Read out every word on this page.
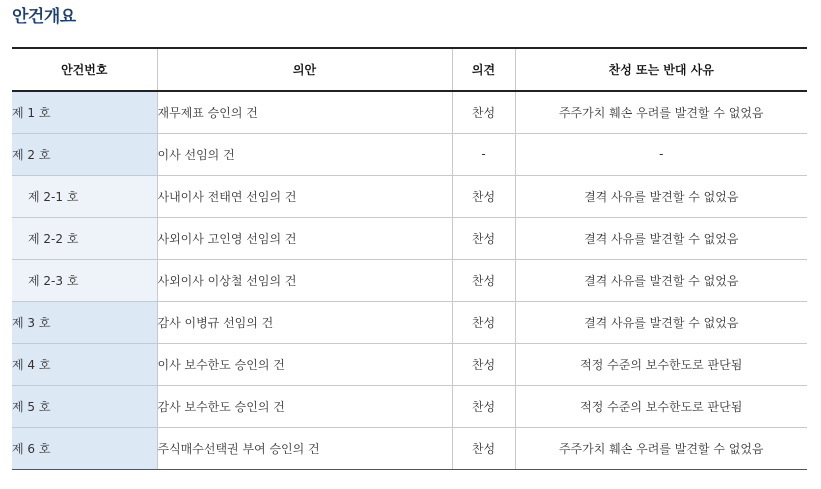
안건개요
안건번호	의안	의견	찬성 또는 반대 사유
제 1 호	재무제표 승인의 건	찬성	주주가치 훼손 우려를 발견할 수 없었음
제 2 호	이사 선임의 건	-	-
제 2-1 호	사내이사 전태연 선임의 건	찬성	결격 사유를 발견할 수 없었음
제 2-2 호	사외이사 고인영 선임의 건	찬성	결격 사유를 발견할 수 없었음
제 2-3 호	사외이사 이상철 선임의 건	찬성	결격 사유를 발견할 수 없었음
제 3 호	감사 이병규 선임의 건	찬성	결격 사유를 발견할 수 없었음
제 4 호	이사 보수한도 승인의 건	찬성	적정 수준의 보수한도로 판단됨
제 5 호	감사 보수한도 승인의 건	찬성	적정 수준의 보수한도로 판단됨
제 6 호	주식매수선택권 부여 승인의 건	찬성	주주가치 훼손 우려를 발견할 수 없었음
